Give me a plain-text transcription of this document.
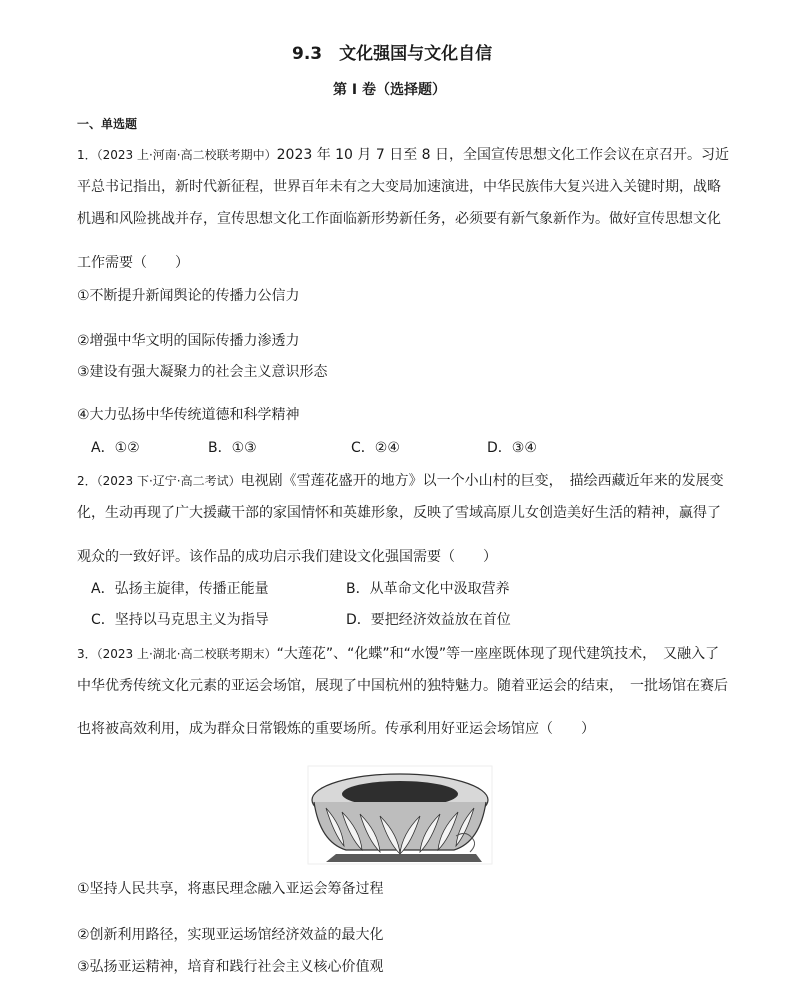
9.3　文化强国与文化自信
第 I 卷（选择题）
一、单选题
1．（2023 上·河南·高二校联考期中）2023 年 10 月 7 日至 8 日，全国宣传思想文化工作会议在京召开。习近
平总书记指出，新时代新征程，世界百年未有之大变局加速演进，中华民族伟大复兴进入关键时期，战略
机遇和风险挑战并存，宣传思想文化工作面临新形势新任务，必须要有新气象新作为。做好宣传思想文化
工作需要（　　）
①不断提升新闻舆论的传播力公信力
②增强中华文明的国际传播力渗透力
③建设有强大凝聚力的社会主义意识形态
④大力弘扬中华传统道德和科学精神
A．①②	B．①③	C．②④	D．③④
2．（2023 下·辽宁·高二考试）电视剧《雪莲花盛开的地方》以一个小山村的巨变，　描绘西藏近年来的发展变
化，生动再现了广大援藏干部的家国情怀和英雄形象，反映了雪域高原儿女创造美好生活的精神，赢得了
观众的一致好评。该作品的成功启示我们建设文化强国需要（　　）
A．弘扬主旋律，传播正能量	B．从革命文化中汲取营养
C．坚持以马克思主义为指导	D．要把经济效益放在首位
3．（2023 上·湖北·高二校联考期末）“大莲花”、“化蝶”和“水馒”等一座座既体现了现代建筑技术，　又融入了
中华优秀传统文化元素的亚运会场馆，展现了中国杭州的独特魅力。随着亚运会的结束，　一批场馆在赛后
也将被高效利用，成为群众日常锻炼的重要场所。传承利用好亚运会场馆应（　　）
①坚持人民共享，将惠民理念融入亚运会筹备过程
②创新利用路径，实现亚运场馆经济效益的最大化
③弘扬亚运精神，培育和践行社会主义核心价值观
